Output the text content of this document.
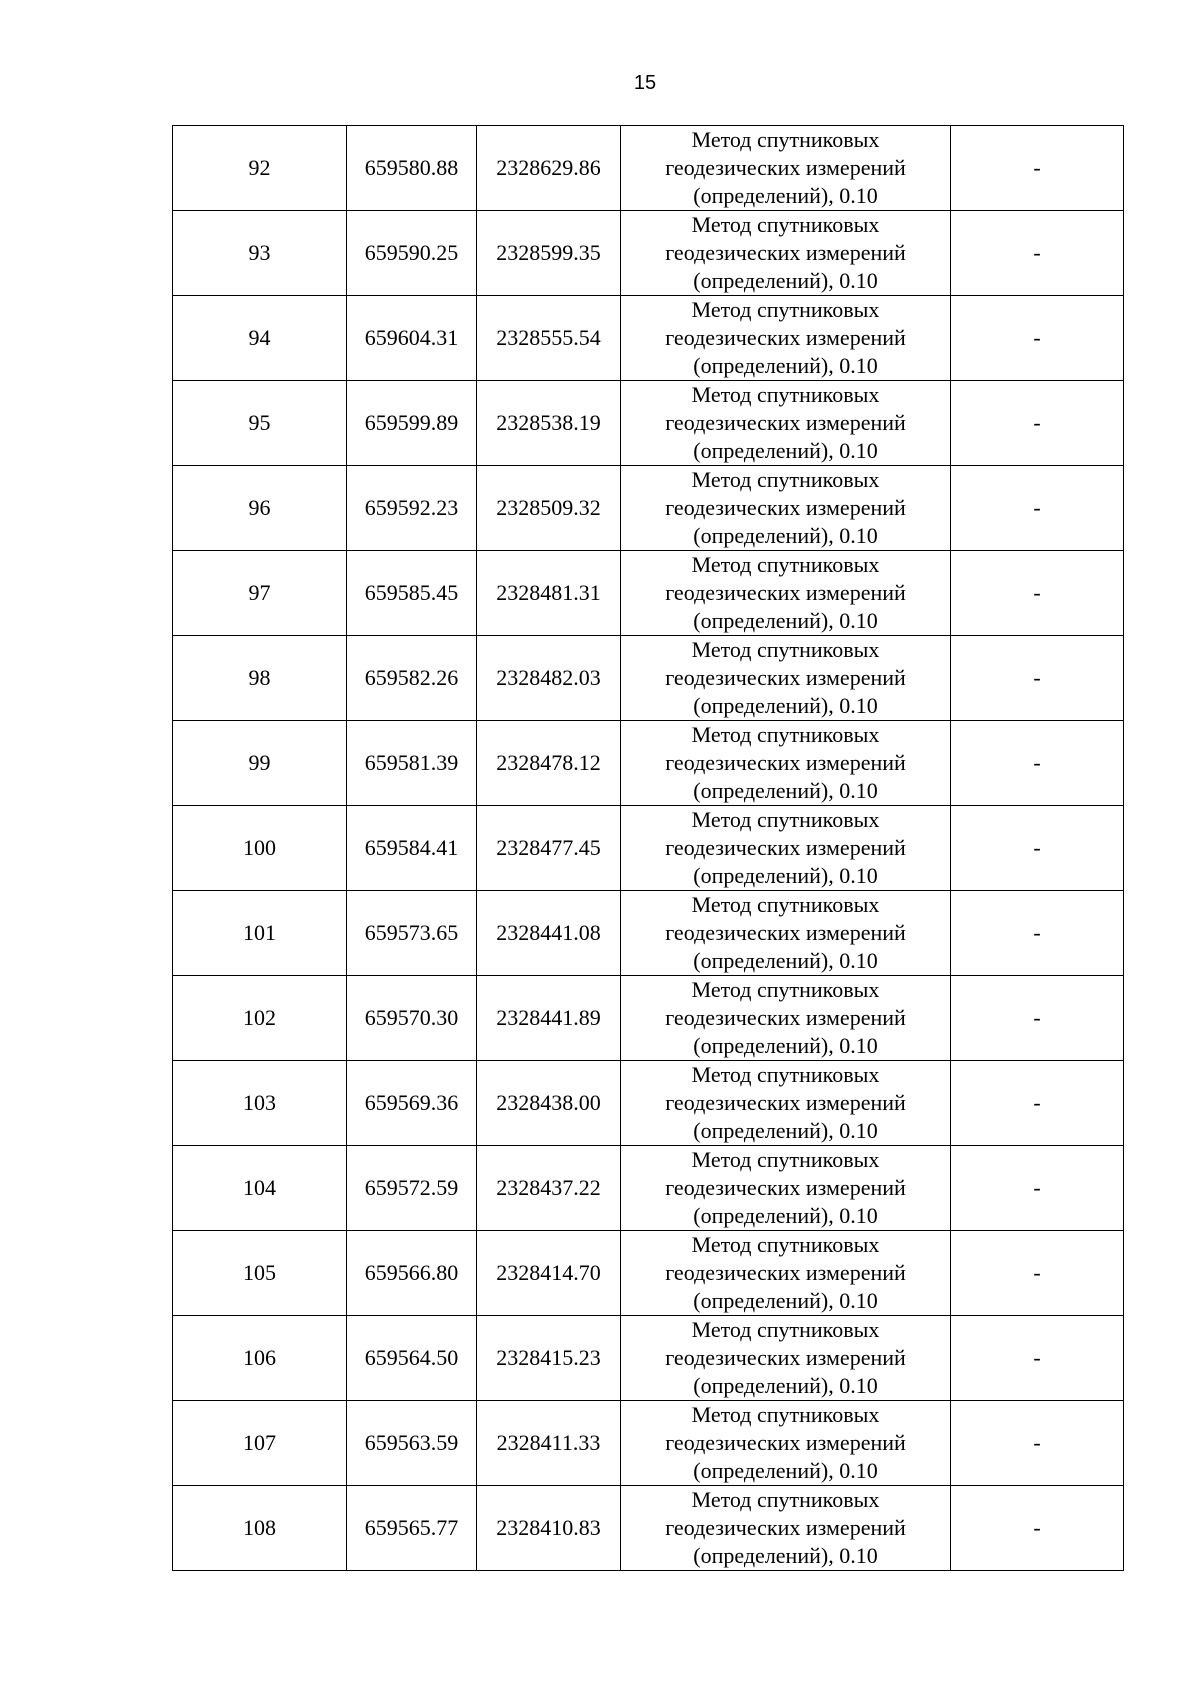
15
92	659580.88	2328629.86	Метод спутниковых
геодезических измерений
(определений), 0.10	-
93	659590.25	2328599.35	Метод спутниковых
геодезических измерений
(определений), 0.10	-
94	659604.31	2328555.54	Метод спутниковых
геодезических измерений
(определений), 0.10	-
95	659599.89	2328538.19	Метод спутниковых
геодезических измерений
(определений), 0.10	-
96	659592.23	2328509.32	Метод спутниковых
геодезических измерений
(определений), 0.10	-
97	659585.45	2328481.31	Метод спутниковых
геодезических измерений
(определений), 0.10	-
98	659582.26	2328482.03	Метод спутниковых
геодезических измерений
(определений), 0.10	-
99	659581.39	2328478.12	Метод спутниковых
геодезических измерений
(определений), 0.10	-
100	659584.41	2328477.45	Метод спутниковых
геодезических измерений
(определений), 0.10	-
101	659573.65	2328441.08	Метод спутниковых
геодезических измерений
(определений), 0.10	-
102	659570.30	2328441.89	Метод спутниковых
геодезических измерений
(определений), 0.10	-
103	659569.36	2328438.00	Метод спутниковых
геодезических измерений
(определений), 0.10	-
104	659572.59	2328437.22	Метод спутниковых
геодезических измерений
(определений), 0.10	-
105	659566.80	2328414.70	Метод спутниковых
геодезических измерений
(определений), 0.10	-
106	659564.50	2328415.23	Метод спутниковых
геодезических измерений
(определений), 0.10	-
107	659563.59	2328411.33	Метод спутниковых
геодезических измерений
(определений), 0.10	-
108	659565.77	2328410.83	Метод спутниковых
геодезических измерений
(определений), 0.10	-
